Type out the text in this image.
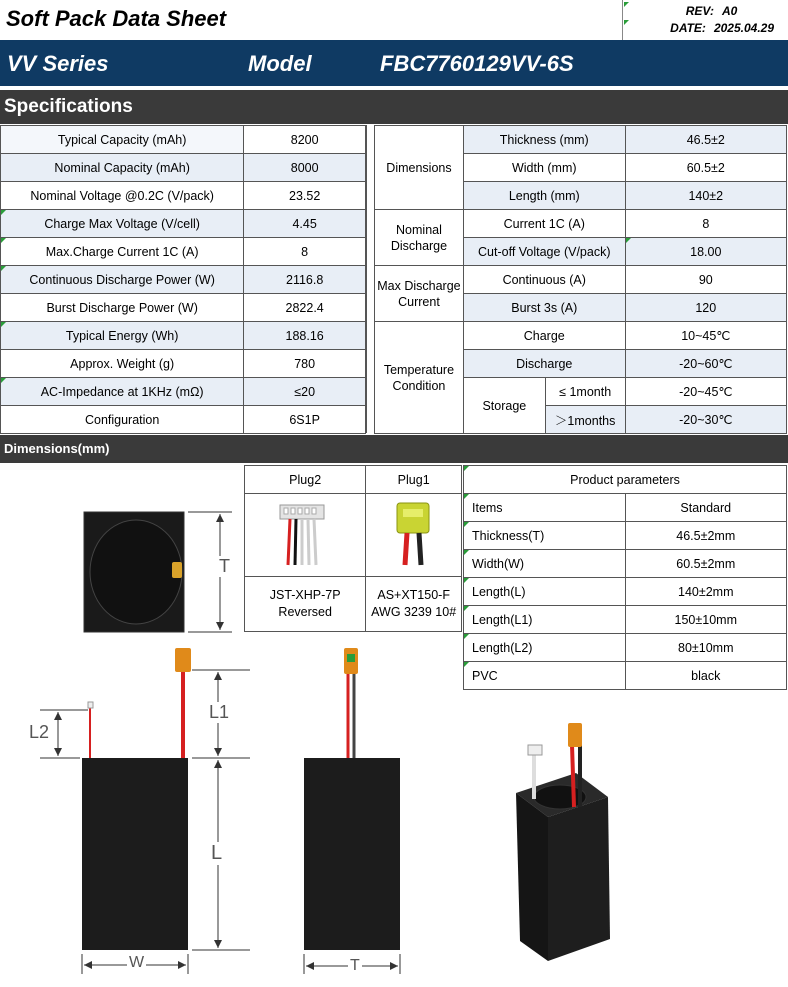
Soft Pack Data Sheet	REV: A0
DATE: 2025.04.29
VV Series	Model	FBC7760129VV-6S
Specifications
Typical Capacity (mAh)	8200
Nominal Capacity (mAh)	8000
Nominal Voltage @0.2C (V/pack)	23.52
Charge Max Voltage (V/cell)	4.45
Max.Charge Current 1C (A)	8
Continuous Discharge Power (W)	2116.8
Burst Discharge Power (W)	2822.4
Typical Energy (Wh)	188.16
Approx. Weight (g)	780
AC-Impedance at 1KHz (mΩ)	≤20
Configuration	6S1P
Dimensions	Thickness (mm)		46.5±2
	Width (mm)		60.5±2
	Length (mm)		140±2
Nominal Discharge	Current 1C (A)		8
	Cut-off Voltage (V/pack)		18.00
Max Discharge Current	Continuous (A)		90
	Burst 3s (A)		120
Temperature Condition	Charge		10~45℃
	Discharge		-20~60℃
	Storage	≤ 1month	-20~45℃
		＞1months	-20~30℃
Dimensions(mm)
Plug2	Plug1

JST-XHP-7P Reversed	AS+XT150-F
AWG 3239 10#
Product parameters	
Items	Standard
Thickness(T)	46.5±2mm
Width(W)	60.5±2mm
Length(L)	140±2mm
Length(L1)	150±10mm
Length(L2)	80±10mm
PVC	black
T
L1
L2
L
W	T
